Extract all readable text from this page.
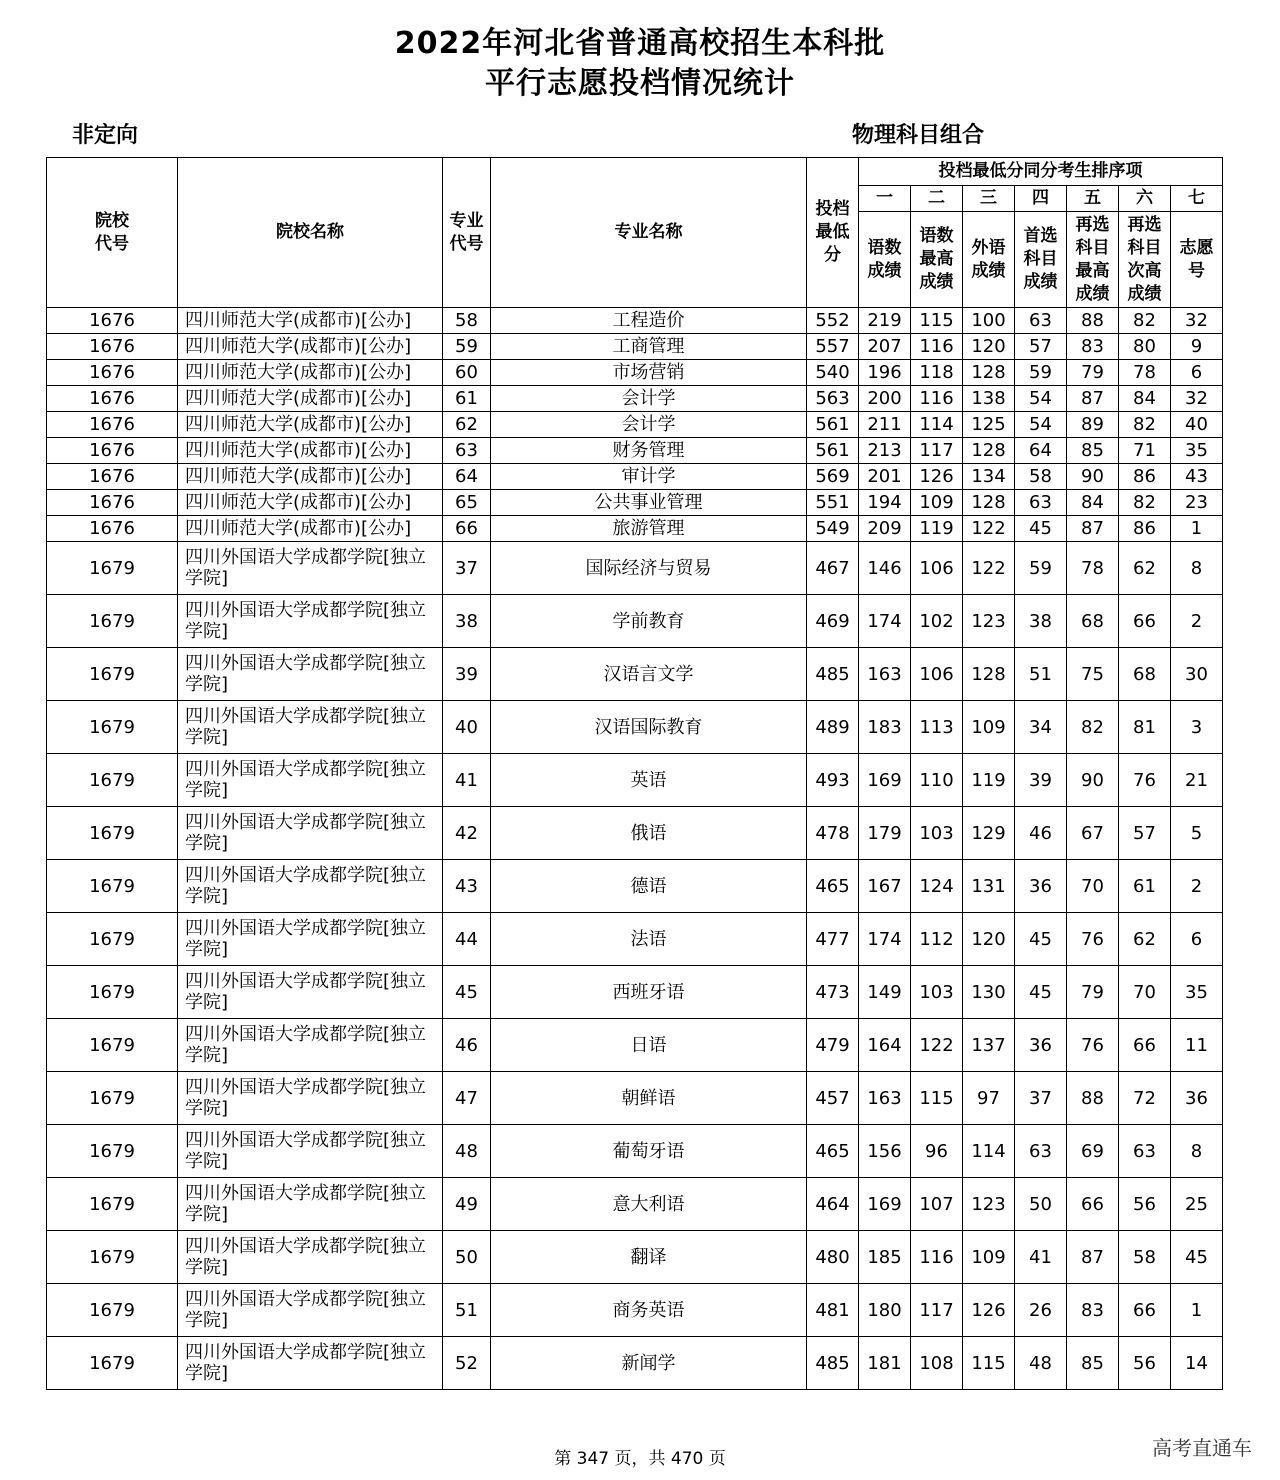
2022年河北省普通高校招生本科批
平行志愿投档情况统计
非定向	物理科目组合
院校代号	院校名称	专业代号	专业名称	投档最低分	投档最低分同分考生排序项						
					一	二	三	四	五	六	七

					语数成绩	语数最高成绩	外语成绩	首选科目成绩	再选科目最高成绩	再选科目次高成绩	志愿号

1676	四川师范大学(成都市)[公办]	58	工程造价	552	219	115	100	63	88	82	32
1676	四川师范大学(成都市)[公办]	59	工商管理	557	207	116	120	57	83	80	9
1676	四川师范大学(成都市)[公办]	60	市场营销	540	196	118	128	59	79	78	6
1676	四川师范大学(成都市)[公办]	61	会计学	563	200	116	138	54	87	84	32
1676	四川师范大学(成都市)[公办]	62	会计学	561	211	114	125	54	89	82	40
1676	四川师范大学(成都市)[公办]	63	财务管理	561	213	117	128	64	85	71	35
1676	四川师范大学(成都市)[公办]	64	审计学	569	201	126	134	58	90	86	43
1676	四川师范大学(成都市)[公办]	65	公共事业管理	551	194	109	128	63	84	82	23
1676	四川师范大学(成都市)[公办]	66	旅游管理	549	209	119	122	45	87	86	1
1679	四川外国语大学成都学院[独立学院]	37	国际经济与贸易	467	146	106	122	59	78	62	8
1679	四川外国语大学成都学院[独立学院]	38	学前教育	469	174	102	123	38	68	66	2
1679	四川外国语大学成都学院[独立学院]	39	汉语言文学	485	163	106	128	51	75	68	30
1679	四川外国语大学成都学院[独立学院]	40	汉语国际教育	489	183	113	109	34	82	81	3
1679	四川外国语大学成都学院[独立学院]	41	英语	493	169	110	119	39	90	76	21
1679	四川外国语大学成都学院[独立学院]	42	俄语	478	179	103	129	46	67	57	5
1679	四川外国语大学成都学院[独立学院]	43	德语	465	167	124	131	36	70	61	2
1679	四川外国语大学成都学院[独立学院]	44	法语	477	174	112	120	45	76	62	6
1679	四川外国语大学成都学院[独立学院]	45	西班牙语	473	149	103	130	45	79	70	35
1679	四川外国语大学成都学院[独立学院]	46	日语	479	164	122	137	36	76	66	11
1679	四川外国语大学成都学院[独立学院]	47	朝鲜语	457	163	115	97	37	88	72	36
1679	四川外国语大学成都学院[独立学院]	48	葡萄牙语	465	156	96	114	63	69	63	8
1679	四川外国语大学成都学院[独立学院]	49	意大利语	464	169	107	123	50	66	56	25
1679	四川外国语大学成都学院[独立学院]	50	翻译	480	185	116	109	41	87	58	45
1679	四川外国语大学成都学院[独立学院]	51	商务英语	481	180	117	126	26	83	66	1
1679	四川外国语大学成都学院[独立学院]	52	新闻学	485	181	108	115	48	85	56	14
第 347 页，共 470 页	高考直通车
